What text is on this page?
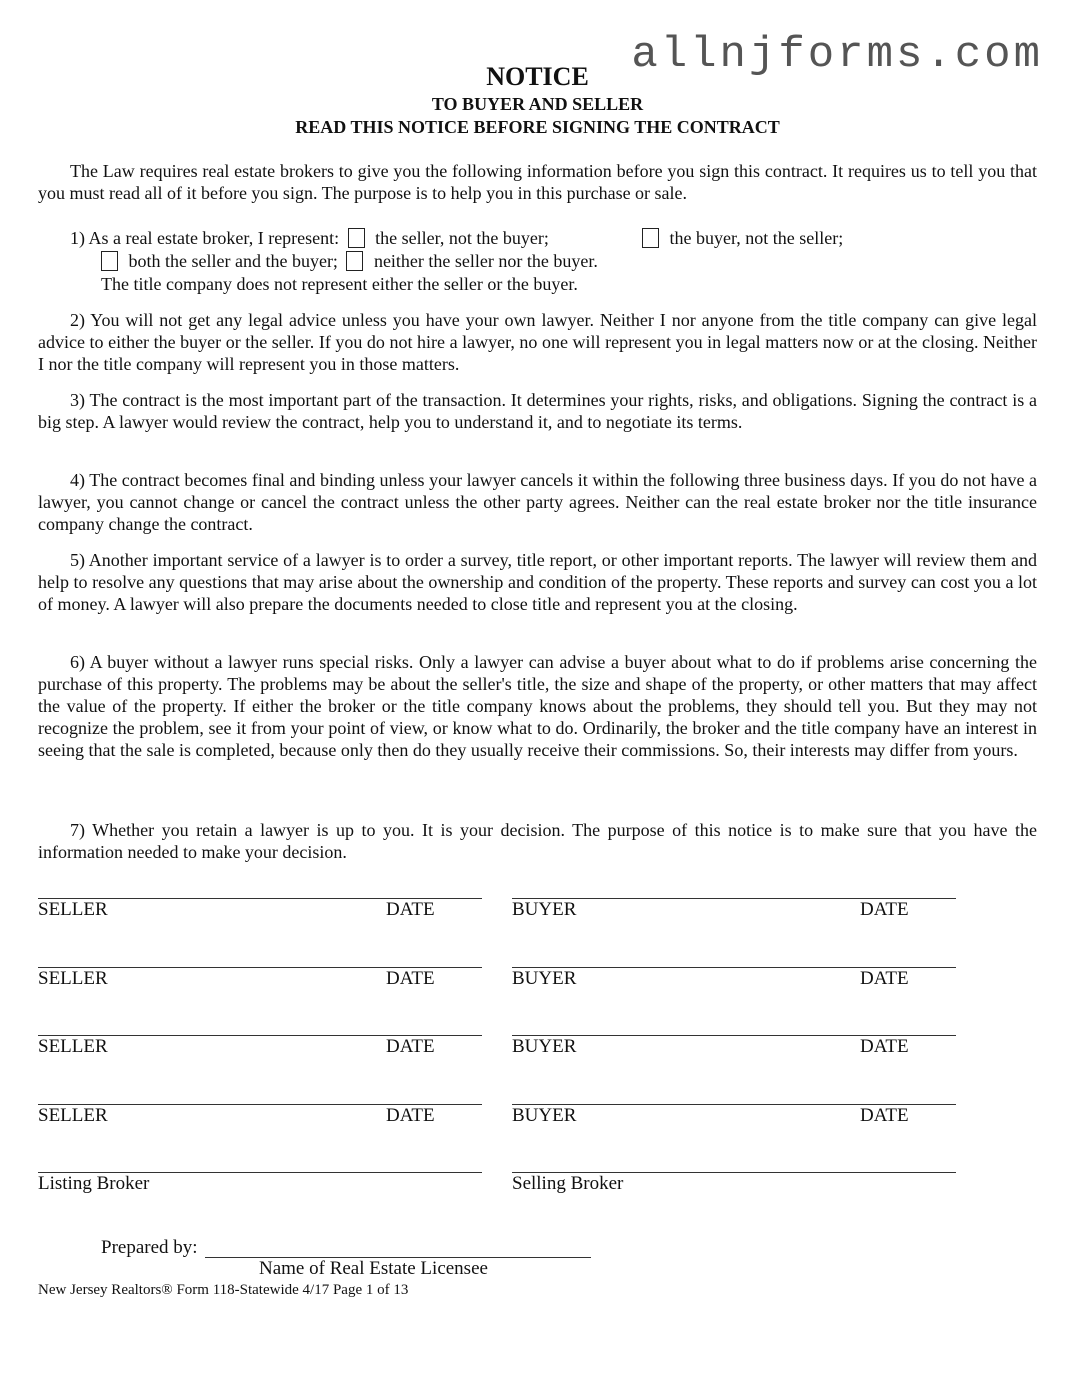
allnjforms.com
NOTICE
TO BUYER AND SELLER
READ THIS NOTICE BEFORE SIGNING THE CONTRACT

The Law requires real estate brokers to give you the following information before you sign this contract. It requires us to tell you that you must read all of it before you sign. The purpose is to help you in this purchase or sale.

1) As a real estate broker, I represent: the seller, not the buyer;	the buyer, not the seller;
both the seller and the buyer; neither the seller nor the buyer.
The title company does not represent either the seller or the buyer.

2) You will not get any legal advice unless you have your own lawyer. Neither I nor anyone from the title company can give legal advice to either the buyer or the seller. If you do not hire a lawyer, no one will represent you in legal matters now or at the closing. Neither I nor the title company will represent you in those matters.

3) The contract is the most important part of the transaction. It determines your rights, risks, and obligations. Signing the contract is a big step. A lawyer would review the contract, help you to understand it, and to negotiate its terms.

4) The contract becomes final and binding unless your lawyer cancels it within the following three business days. If you do not have a lawyer, you cannot change or cancel the contract unless the other party agrees. Neither can the real estate broker nor the title insurance company change the contract.

5) Another important service of a lawyer is to order a survey, title report, or other important reports. The lawyer will review them and help to resolve any questions that may arise about the ownership and condition of the property. These reports and survey can cost you a lot of money. A lawyer will also prepare the documents needed to close title and represent you at the closing.

6) A buyer without a lawyer runs special risks. Only a lawyer can advise a buyer about what to do if problems arise concerning the purchase of this property. The problems may be about the seller's title, the size and shape of the property, or other matters that may affect the value of the property. If either the broker or the title company knows about the problems, they should tell you. But they may not recognize the problem, see it from your point of view, or know what to do. Ordinarily, the broker and the title company have an interest in seeing that the sale is completed, because only then do they usually receive their commissions. So, their interests may differ from yours.

7) Whether you retain a lawyer is up to you. It is your decision. The purpose of this notice is to make sure that you have the information needed to make your decision.

SELLER	DATE	BUYER	DATE
SELLER	DATE	BUYER	DATE
SELLER	DATE	BUYER	DATE
SELLER	DATE	BUYER	DATE
Listing Broker	Selling Broker
Prepared by:
Name of Real Estate Licensee
New Jersey Realtors® Form 118-Statewide 4/17 Page 1 of 13
